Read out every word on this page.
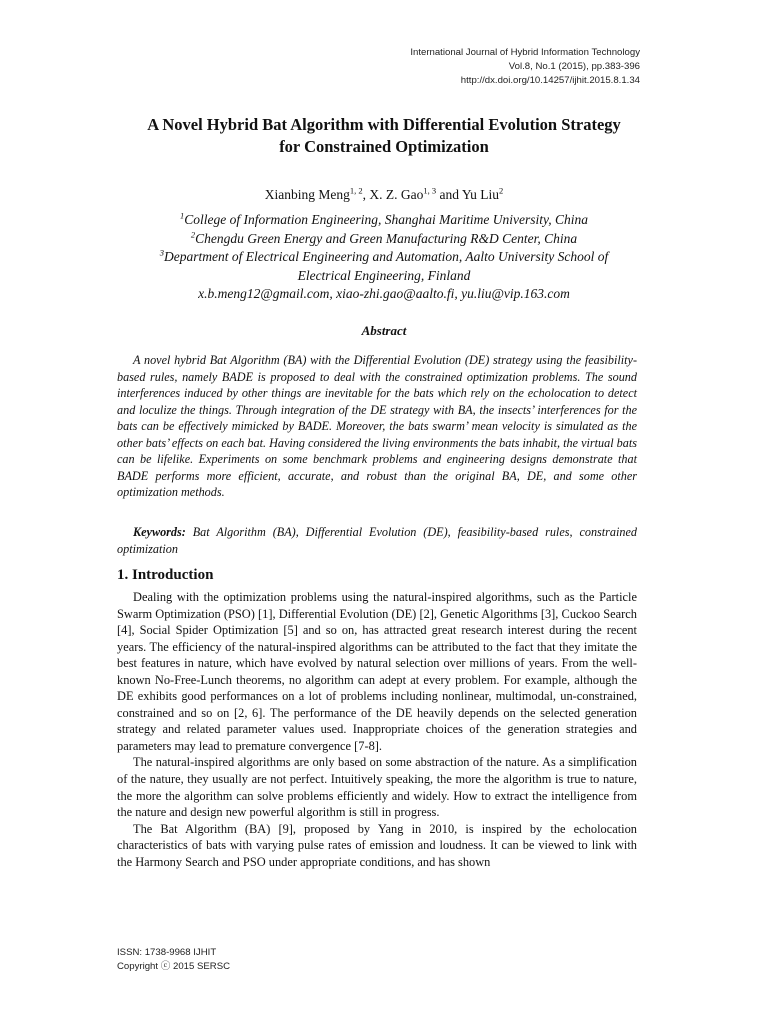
International Journal of Hybrid Information Technology
Vol.8, No.1 (2015), pp.383-396
http://dx.doi.org/10.14257/ijhit.2015.8.1.34
A Novel Hybrid Bat Algorithm with Differential Evolution Strategy
for Constrained Optimization
Xianbing Meng$^{1, 2}$, X. Z. Gao$^{1, 3}$ and Yu Liu$^2$
$^1$College of Information Engineering, Shanghai Maritime University, China
$^2$Chengdu Green Energy and Green Manufacturing R&D Center, China
$^3$Department of Electrical Engineering and Automation, Aalto University School of
Electrical Engineering, Finland
x.b.meng12@gmail.com, xiao-zhi.gao@aalto.fi, yu.liu@vip.163.com
Abstract

A novel hybrid Bat Algorithm (BA) with the Differential Evolution (DE) strategy using the feasibility-based rules, namely BADE is proposed to deal with the constrained optimization problems. The sound interferences induced by other things are inevitable for the bats which rely on the echolocation to detect and loculize the things. Through integration of the DE strategy with BA, the insects’ interferences for the bats can be effectively mimicked by BADE. Moreover, the bats swarm’ mean velocity is simulated as the other bats’ effects on each bat. Having considered the living environments the bats inhabit, the virtual bats can be lifelike. Experiments on some benchmark problems and engineering designs demonstrate that BADE performs more efficient, accurate, and robust than the original BA, DE, and some other optimization methods.

Keywords: Bat Algorithm (BA), Differential Evolution (DE), feasibility-based rules, constrained optimization
1. Introduction

Dealing with the optimization problems using the natural-inspired algorithms, such as the Particle Swarm Optimization (PSO) [1], Differential Evolution (DE) [2], Genetic Algorithms [3], Cuckoo Search [4], Social Spider Optimization [5] and so on, has attracted great research interest during the recent years. The efficiency of the natural-inspired algorithms can be attributed to the fact that they imitate the best features in nature, which have evolved by natural selection over millions of years. From the well-known No-Free-Lunch theorems, no algorithm can adept at every problem. For example, although the DE exhibits good performances on a lot of problems including nonlinear, multimodal, un-constrained, constrained and so on [2, 6]. The performance of the DE heavily depends on the selected generation strategy and related parameter values used. Inappropriate choices of the generation strategies and parameters may lead to premature convergence [7-8].

The natural-inspired algorithms are only based on some abstraction of the nature. As a simplification of the nature, they usually are not perfect. Intuitively speaking, the more the algorithm is true to nature, the more the algorithm can solve problems efficiently and widely. How to extract the intelligence from the nature and design new powerful algorithm is still in progress.

The Bat Algorithm (BA) [9], proposed by Yang in 2010, is inspired by the echolocation characteristics of bats with varying pulse rates of emission and loudness. It can be viewed to link with the Harmony Search and PSO under appropriate conditions, and has shown

ISSN: 1738-9968 IJHIT
Copyright ⓒ 2015 SERSC
